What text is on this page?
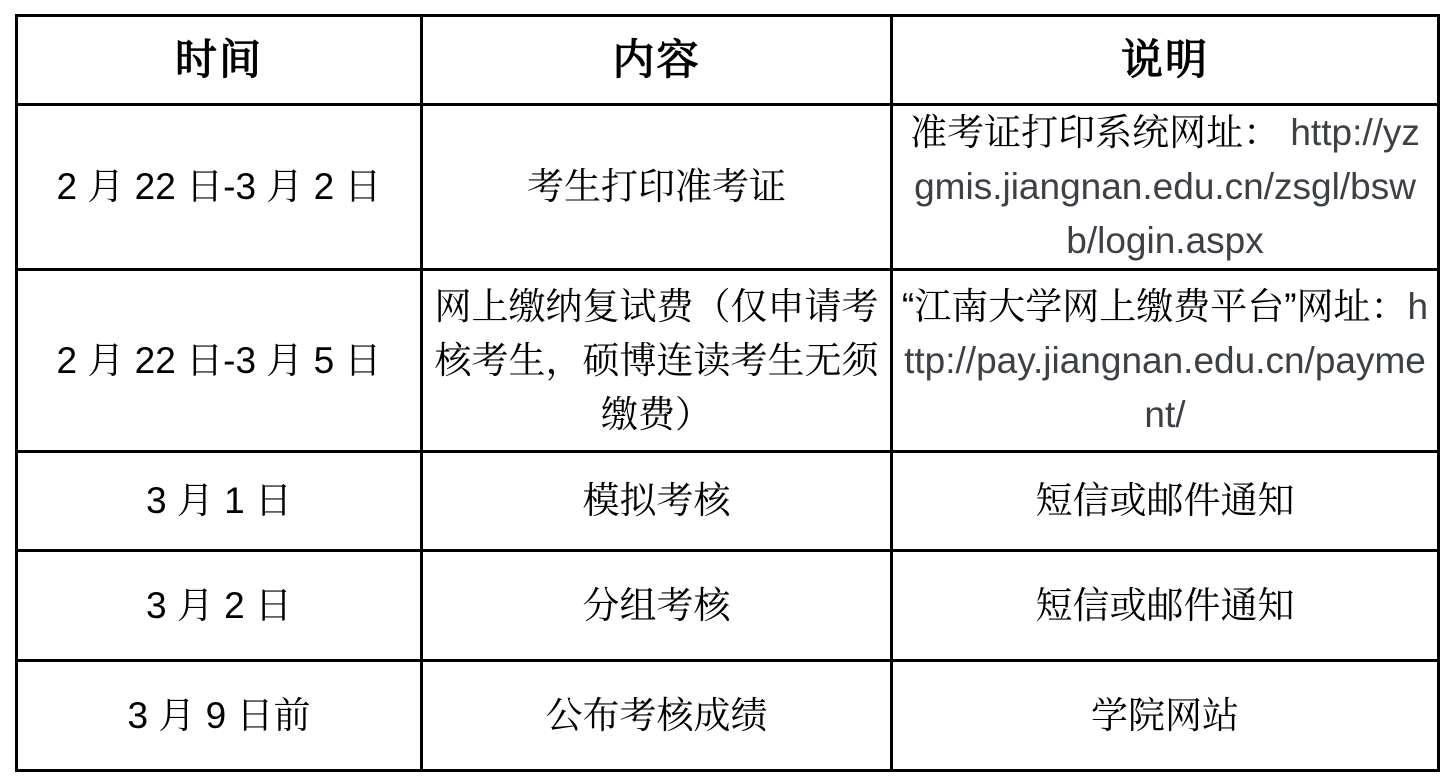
时间	内容	说明
2 月 22 日-3 月 2 日	考生打印准考证	准考证打印系统网址： http://yzgmis.jiangnan.edu.cn/zsgl/bswb/login.aspx
2 月 22 日-3 月 5 日	网上缴纳复试费（仅申请考核考生，硕博连读考生无须缴费）	“江南大学网上缴费平台”网址：http://pay.jiangnan.edu.cn/payment/
3 月 1 日	模拟考核	短信或邮件通知
3 月 2 日	分组考核	短信或邮件通知
3 月 9 日前	公布考核成绩	学院网站
